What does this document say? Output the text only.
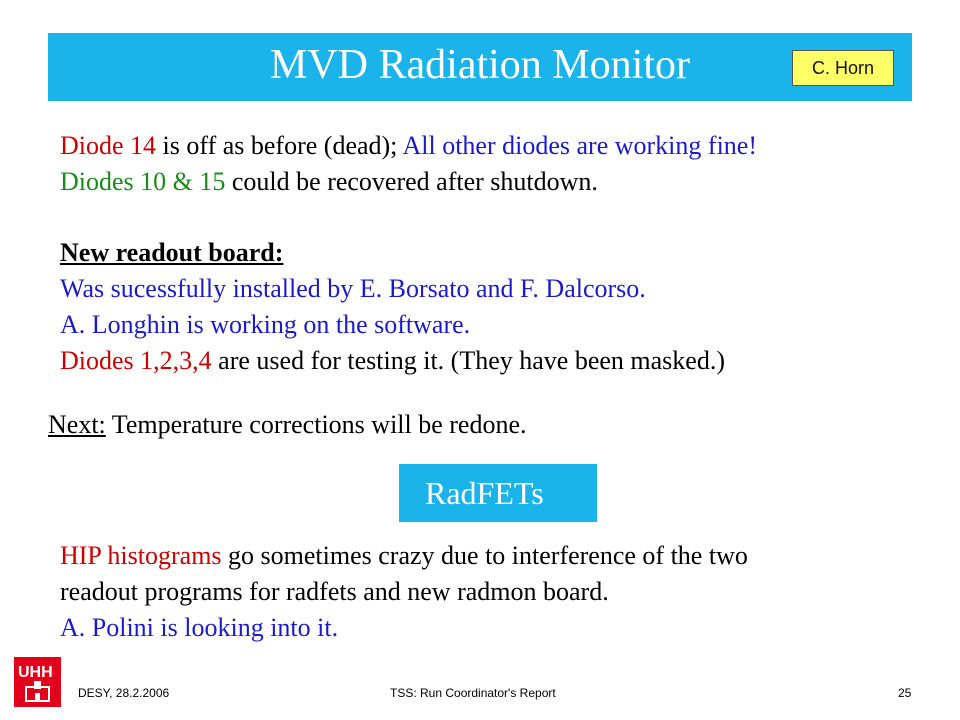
MVD Radiation Monitor	C. Horn
Diode 14 is off as before (dead); All other diodes are working fine!
Diodes 10 & 15 could be recovered after shutdown.
New readout board:
Was sucessfully installed by E. Borsato and F. Dalcorso.
A. Longhin is working on the software.
Diodes 1,2,3,4 are used for testing it. (They have been masked.)
Next: Temperature corrections will be redone.
RadFETs
HIP histograms go sometimes crazy due to interference of the two
readout programs for radfets and new radmon board.
A. Polini is looking into it.
UHH
DESY, 28.2.2006	TSS: Run Coordinator's Report	25
